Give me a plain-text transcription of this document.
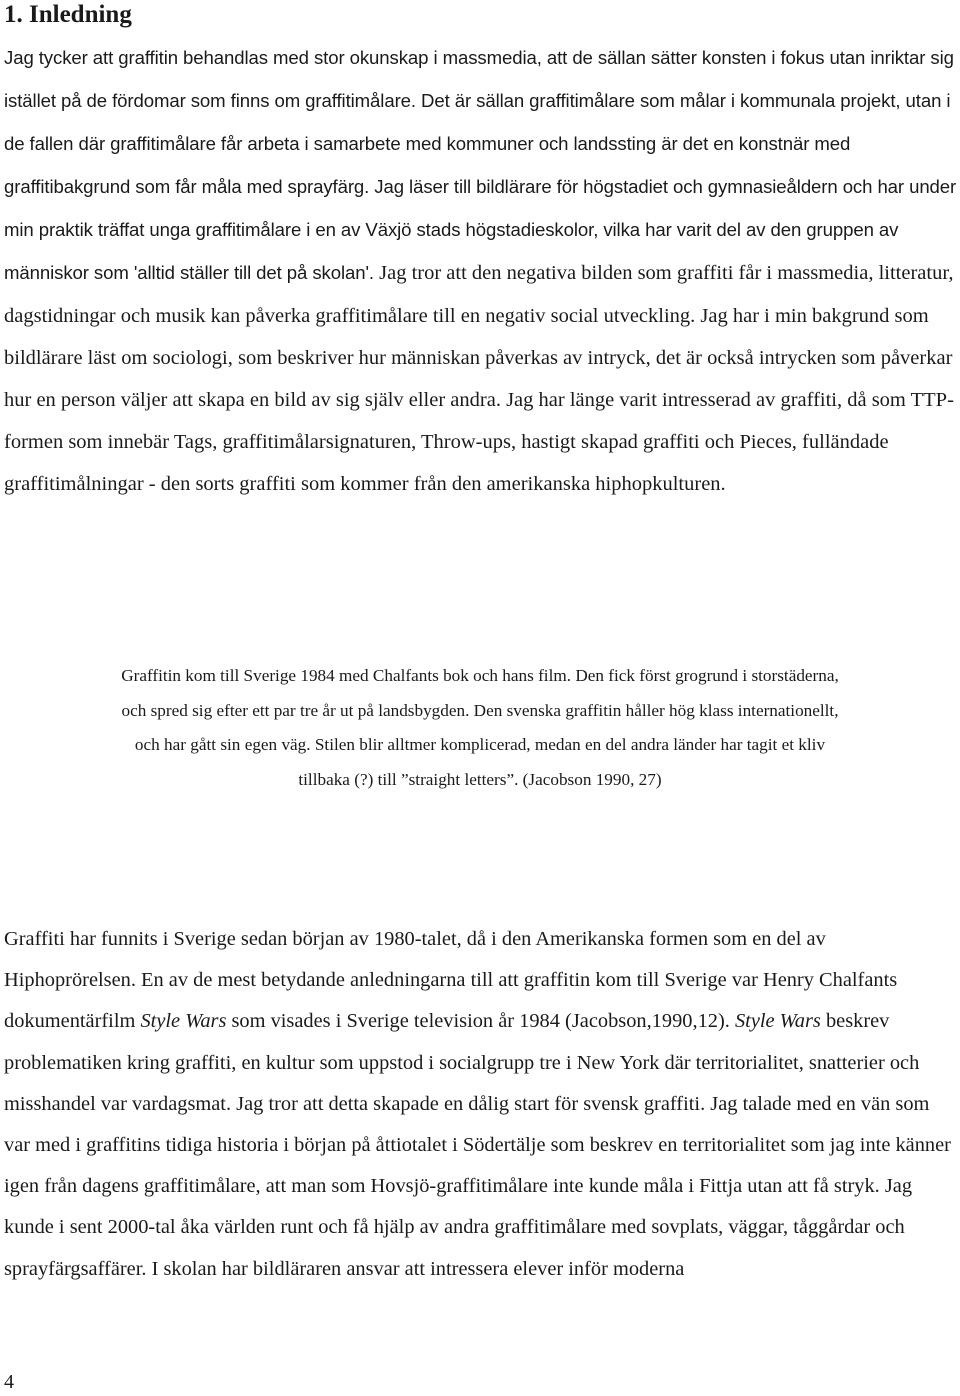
1. Inledning

Jag tycker att graffitin behandlas med stor okunskap i massmedia, att de sällan sätter konsten i fokus utan inriktar sig istället på de fördomar som finns om graffitimålare. Det är sällan graffitimålare som målar i kommunala projekt, utan i de fallen där graffitimålare får arbeta i samarbete med kommuner och landssting är det en konstnär med graffitibakgrund som får måla med sprayfärg. Jag läser till bildlärare för högstadiet och gymnasieåldern och har under min praktik träffat unga graffitimålare i en av Växjö stads högstadieskolor, vilka har varit del av den gruppen av människor som 'alltid ställer till det på skolan'. Jag tror att den negativa bilden som graffiti får i massmedia, litteratur, dagstidningar och musik kan påverka graffitimålare till en negativ social utveckling. Jag har i min bakgrund som bildlärare läst om sociologi, som beskriver hur människan påverkas av intryck, det är också intrycken som påverkar hur en person väljer att skapa en bild av sig själv eller andra. Jag har länge varit intresserad av graffiti, då som TTP-formen som innebär Tags, graffitimålarsignaturen, Throw-ups, hastigt skapad graffiti och Pieces, fulländade graffitimålningar - den sorts graffiti som kommer från den amerikanska hiphopkulturen.

Graffitin kom till Sverige 1984 med Chalfants bok och hans film. Den fick först grogrund i storstäderna,
och spred sig efter ett par tre år ut på landsbygden. Den svenska graffitin håller hög klass internationellt,
och har gått sin egen väg. Stilen blir alltmer komplicerad, medan en del andra länder har tagit et kliv
tillbaka (?) till ”straight letters”. (Jacobson 1990, 27)

Graffiti har funnits i Sverige sedan början av 1980-talet, då i den Amerikanska formen som en del av Hiphoprörelsen. En av de mest betydande anledningarna till att graffitin kom till Sverige var Henry Chalfants dokumentärfilm Style Wars som visades i Sverige television år 1984 (Jacobson,1990,12). Style Wars beskrev problematiken kring graffiti, en kultur som uppstod i socialgrupp tre i New York där territorialitet, snatterier och misshandel var vardagsmat. Jag tror att detta skapade en dålig start för svensk graffiti. Jag talade med en vän som var med i graffitins tidiga historia i början på åttiotalet i Södertälje som beskrev en territorialitet som jag inte känner igen från dagens graffitimålare, att man som Hovsjö-graffitimålare inte kunde måla i Fittja utan att få stryk. Jag kunde i sent 2000-tal åka världen runt och få hjälp av andra graffitimålare med sovplats, väggar, tåggårdar och sprayfärgsaffärer. I skolan har bildläraren ansvar att intressera elever inför moderna

4
